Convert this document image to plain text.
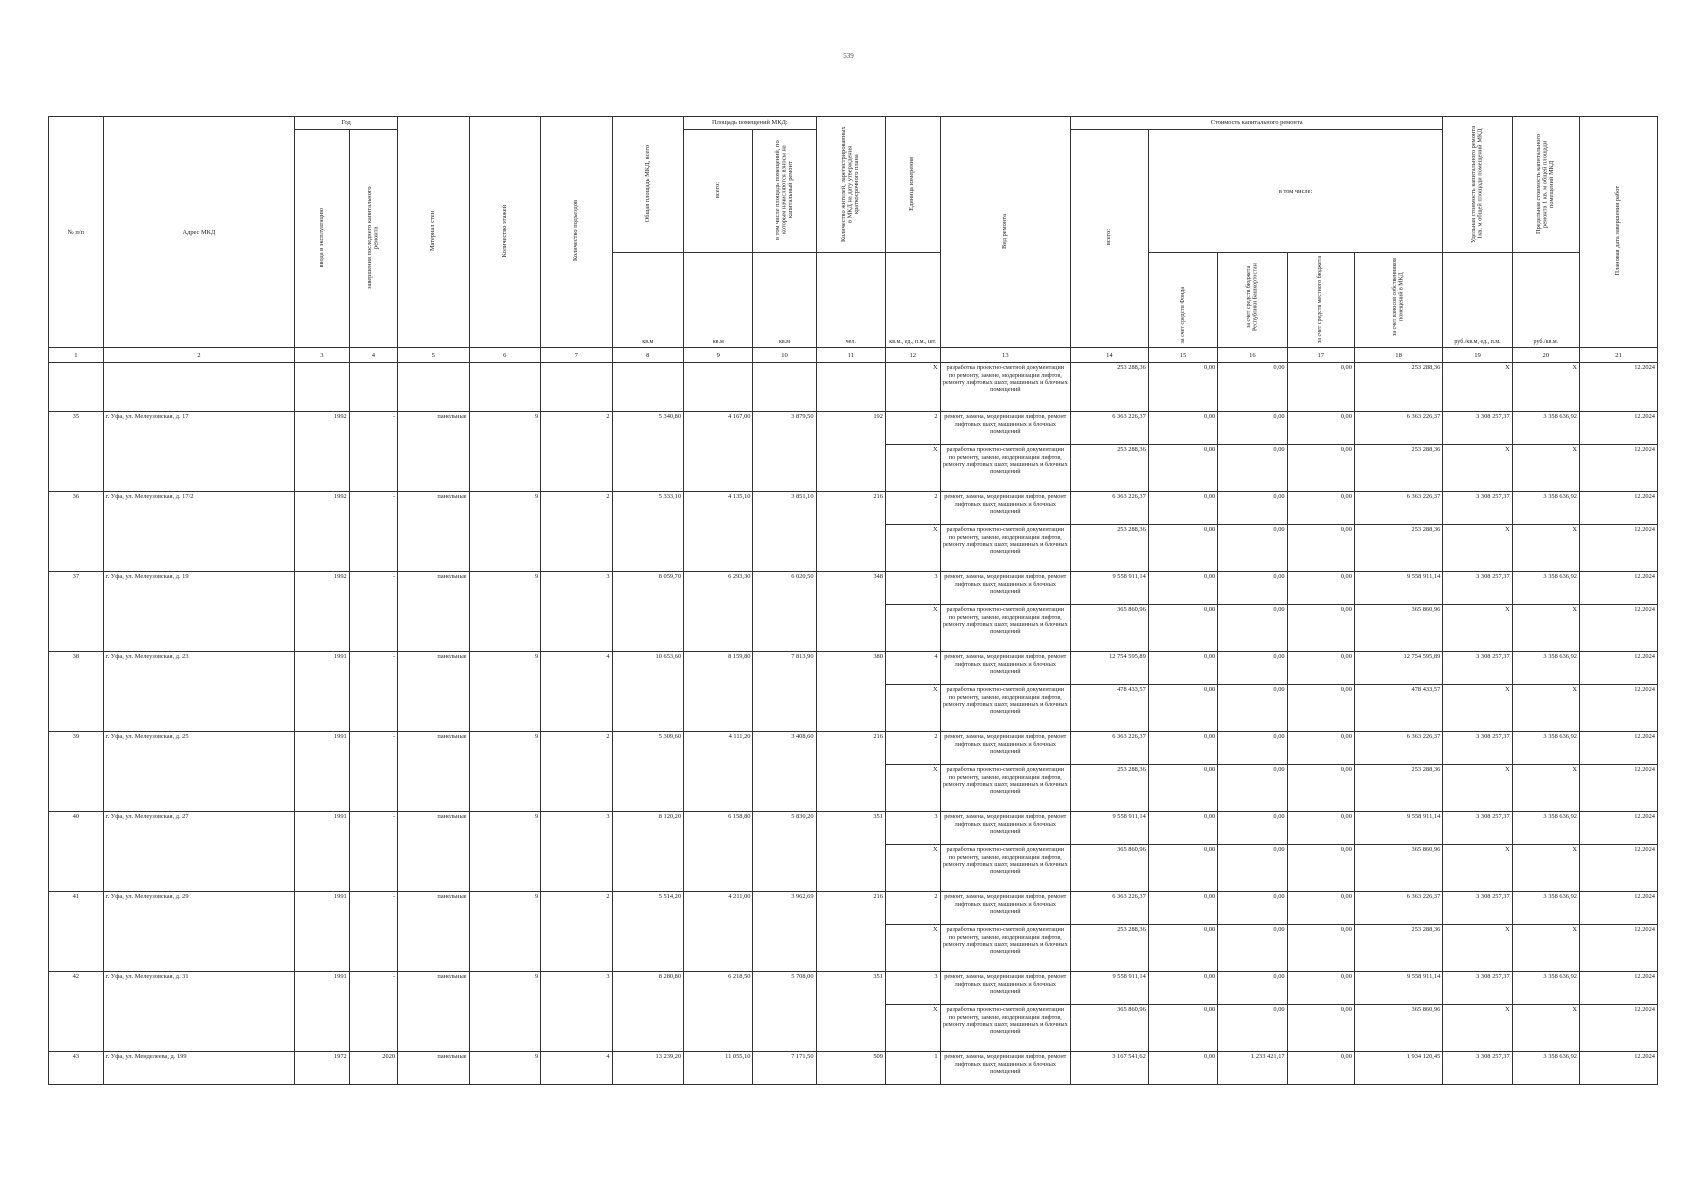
539
№ п/п	Адрес МКД	Год		Материал стен	Количество этажей	Количество подъездов	Общая площадь МКД, всего	Площадь помещений МКД:		Количество жителей, зарегистрированных в МКД на дату утверждения краткосрочного плана	Единица измерения	Вид ремонта	Стоимость капитального ремонта					Удельная стоимость капитального ремонта 1кв. м общей площади помещений МКД	Предельная стоимость капитального ремонта 1 кв. м общей площади помещений МКД	Плановая дата завершения работ
		ввода в эксплуатацию	завершения последнего капитального ремонта					всего:	в том числе площадь помещений, по которым начисляются взносы на капитальный ремонт				всего:	в том числе:						
							кв.м	кв.м	кв.м	чел.	кв.м., ед., п.м., шт.			за счет средств Фонда	за счет средств бюджета Республики Башкортостан	за счет средств местного бюджета	за счет взносов собственников помещений в МКД	руб./кв.м, ед., п.м.	руб./кв.м.	

1	2	3	4	5	6	7	8	9	10	11	12	13	14	15	16	17	18	19	20	21
											X	разработка проектно-сметной документации по ремонту, замене, модернизации лифтов, ремонту лифтовых шахт, машинных и блочных помещений	253 288,36	0,00	0,00	0,00	253 288,36	X	X	12.2024
35	г. Уфа, ул. Мелеузовская, д. 17	1992	-	панельные	9	2	5 340,80	4 167,00	3 879,50	192	2	ремонт, замена, модернизация лифтов, ремонт лифтовых шахт, машинных и блочных помещений	6 363 226,37	0,00	0,00	0,00	6 363 226,37	3 308 257,37	3 358 636,92	12.2024
											X	разработка проектно-сметной документации по ремонту, замене, модернизации лифтов, ремонту лифтовых шахт, машинных и блочных помещений	253 288,36	0,00	0,00	0,00	253 288,36	X	X	12.2024
36	г. Уфа, ул. Мелеузовская, д. 17/2	1992	-	панельные	9	2	5 333,10	4 135,10	3 851,10	216	2	ремонт, замена, модернизация лифтов, ремонт лифтовых шахт, машинных и блочных помещений	6 363 226,37	0,00	0,00	0,00	6 363 226,37	3 308 257,37	3 358 636,92	12.2024
											X	разработка проектно-сметной документации по ремонту, замене, модернизации лифтов, ремонту лифтовых шахт, машинных и блочных помещений	253 288,36	0,00	0,00	0,00	253 288,36	X	X	12.2024
37	г. Уфа, ул. Мелеузовская, д. 19	1992	-	панельные	9	3	8 059,70	6 293,30	6 020,50	348	3	ремонт, замена, модернизация лифтов, ремонт лифтовых шахт, машинных и блочных помещений	9 558 911,14	0,00	0,00	0,00	9 558 911,14	3 308 257,37	3 358 636,92	12.2024
											X	разработка проектно-сметной документации по ремонту, замене, модернизации лифтов, ремонту лифтовых шахт, машинных и блочных помещений	365 860,96	0,00	0,00	0,00	365 860,96	X	X	12.2024
38	г. Уфа, ул. Мелеузовская, д. 23	1991	-	панельные	9	4	10 653,60	8 159,80	7 813,90	380	4	ремонт, замена, модернизация лифтов, ремонт лифтовых шахт, машинных и блочных помещений	12 754 595,89	0,00	0,00	0,00	12 754 595,89	3 308 257,37	3 358 636,92	12.2024
											X	разработка проектно-сметной документации по ремонту, замене, модернизации лифтов, ремонту лифтовых шахт, машинных и блочных помещений	478 433,57	0,00	0,00	0,00	478 433,57	X	X	12.2024
39	г. Уфа, ул. Мелеузовская, д. 25	1991	-	панельные	9	2	5 309,60	4 111,20	3 408,60	216	2	ремонт, замена, модернизация лифтов, ремонт лифтовых шахт, машинных и блочных помещений	6 363 226,37	0,00	0,00	0,00	6 363 226,37	3 308 257,37	3 358 636,92	12.2024
											X	разработка проектно-сметной документации по ремонту, замене, модернизации лифтов, ремонту лифтовых шахт, машинных и блочных помещений	253 288,36	0,00	0,00	0,00	253 288,36	X	X	12.2024
40	г. Уфа, ул. Мелеузовская, д. 27	1991	-	панельные	9	3	8 120,20	6 158,80	5 830,20	351	3	ремонт, замена, модернизация лифтов, ремонт лифтовых шахт, машинных и блочных помещений	9 558 911,14	0,00	0,00	0,00	9 558 911,14	3 308 257,37	3 358 636,92	12.2024
											X	разработка проектно-сметной документации по ремонту, замене, модернизации лифтов, ремонту лифтовых шахт, машинных и блочных помещений	365 860,96	0,00	0,00	0,00	365 860,96	X	X	12.2024
41	г. Уфа, ул. Мелеузовская, д. 29	1991	-	панельные	9	2	5 514,20	4 211,00	3 962,69	216	2	ремонт, замена, модернизация лифтов, ремонт лифтовых шахт, машинных и блочных помещений	6 363 226,37	0,00	0,00	0,00	6 363 226,37	3 308 257,37	3 358 636,92	12.2024
											X	разработка проектно-сметной документации по ремонту, замене, модернизации лифтов, ремонту лифтовых шахт, машинных и блочных помещений	253 288,36	0,00	0,00	0,00	253 288,36	X	X	12.2024
42	г. Уфа, ул. Мелеузовская, д. 31	1991	-	панельные	9	3	8 280,80	6 218,50	5 708,00	351	3	ремонт, замена, модернизация лифтов, ремонт лифтовых шахт, машинных и блочных помещений	9 558 911,14	0,00	0,00	0,00	9 558 911,14	3 308 257,37	3 358 636,92	12.2024
											X	разработка проектно-сметной документации по ремонту, замене, модернизации лифтов, ремонту лифтовых шахт, машинных и блочных помещений	365 860,96	0,00	0,00	0,00	365 860,96	X	X	12.2024
43	г. Уфа, ул. Менделеева, д. 199	1972	2020	панельные	9	4	13 239,20	11 055,10	7 171,50	509	1	ремонт, замена, модернизация лифтов, ремонт лифтовых шахт, машинных и блочных помещений	3 167 541,62	0,00	1 233 421,17	0,00	1 934 120,45	3 308 257,37	3 358 636,92	12.2024
